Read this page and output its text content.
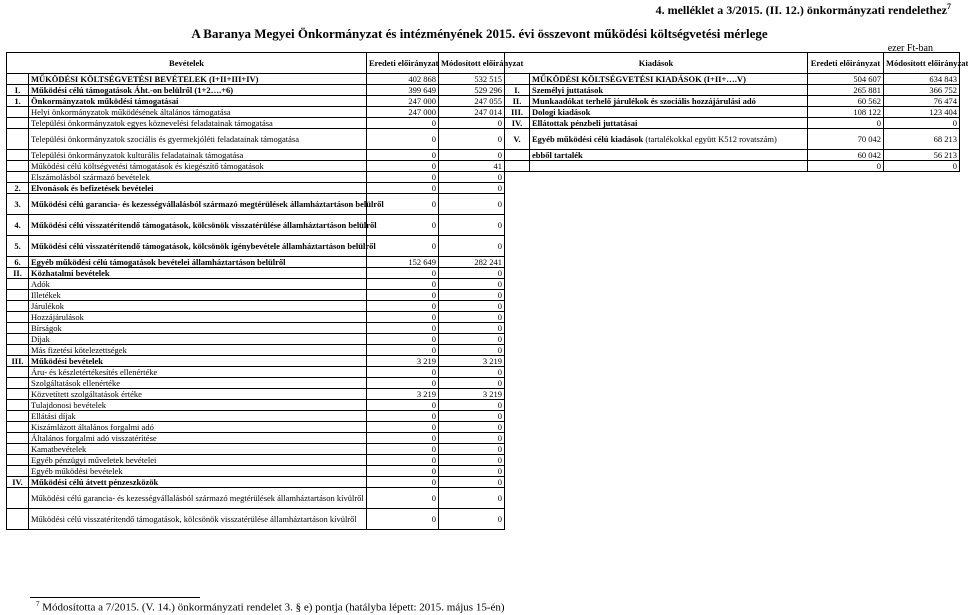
4. melléklet a 3/2015. (II. 12.) önkormányzati rendelethez$^7$
A Baranya Megyei Önkormányzat és intézményének 2015. évi összevont működési költségvetési mérlege
ezer Ft-ban
Bevételek		Eredeti előirányzat	Módosított előirányzat	Kiadások		Eredeti előirányzat	Módosított előirányzat
	MŰKÖDÉSI KÖLTSÉGVETÉSI BEVÉTELEK (I+II+III+IV)	402 868	532 515		MŰKÖDÉSI KÖLTSÉGVETÉSI KIADÁSOK (I+II+….V)	504 607	634 843
I.	Működési célú támogatások Áht.-on belülről (1+2….+6)	399 649	529 296	I.	Személyi juttatások	265 881	366 752
1.	Önkormányzatok működési támogatásai	247 000	247 055	II.	Munkaadókat terhelő járulékok és szociális hozzájárulási adó	60 562	76 474
	Helyi önkormányzatok működésének általános támogatása	247 000	247 014	III.	Dologi kiadások	108 122	123 404
	Települési önkormányzatok egyes köznevelési feladatainak támogatása	0	0	IV.	Ellátottak pénzbeli juttatásai	0	0
	Települési önkormányzatok szociális és gyermekjóléti feladatainak támogatása	0	0	V.	Egyéb működési célú kiadások (tartalékokkal együtt K512 rovatszám)	70 042	68 213
	Települési önkormányzatok kulturális feladatainak támogatása	0	0		ebből tartalék	60 042	56 213
	Működési célú költségvetési támogatások és kiegészítő támogatások	0	41			0	0
	Elszámolásból származó bevételek	0	0				
2.	Elvonások és befizetések bevételei	0	0				
3.	Működési célú garancia- és kezességvállalásból származó megtérülések államháztartáson belülről	0	0				
4.	Működési célú visszatérítendő támogatások, kölcsönök visszatérülése államháztartáson belülről	0	0				
5.	Működési célú visszatérítendő támogatások, kölcsönök igénybevétele államháztartáson belülről	0	0				
6.	Egyéb működési célú támogatások bevételei államháztartáson belülről	152 649	282 241				
II.	Közhatalmi bevételek	0	0				
	Adók	0	0				
	Illetékek	0	0				
	Járulékok	0	0				
	Hozzájárulások	0	0				
	Bírságok	0	0				
	Díjak	0	0				
	Más fizetési kötelezettségek	0	0				
III.	Működési bevételek	3 219	3 219				
	Áru- és készletértékesítés ellenértéke	0	0				
	Szolgáltatások ellenértéke	0	0				
	Közvetített szolgáltatások értéke	3 219	3 219				
	Tulajdonosi bevételek	0	0				
	Ellátási díjak	0	0				
	Kiszámlázott általános forgalmi adó	0	0				
	Általános forgalmi adó visszatérítése	0	0				
	Kamatbevételek	0	0				
	Egyéb pénzügyi műveletek bevételei	0	0				
	Egyéb működési bevételek	0	0				
IV.	Működési célú átvett pénzeszközök	0	0				
	Működési célú garancia- és kezességvállalásból származó megtérülések államháztartáson kívülről	0	0				
	Működési célú visszatérítendő támogatások, kölcsönök visszatérülése államháztartáson kívülről	0	0				
$^7$ Módosította a 7/2015. (V. 14.) önkormányzati rendelet 3. § e) pontja (hatályba lépett: 2015. május 15-én)
